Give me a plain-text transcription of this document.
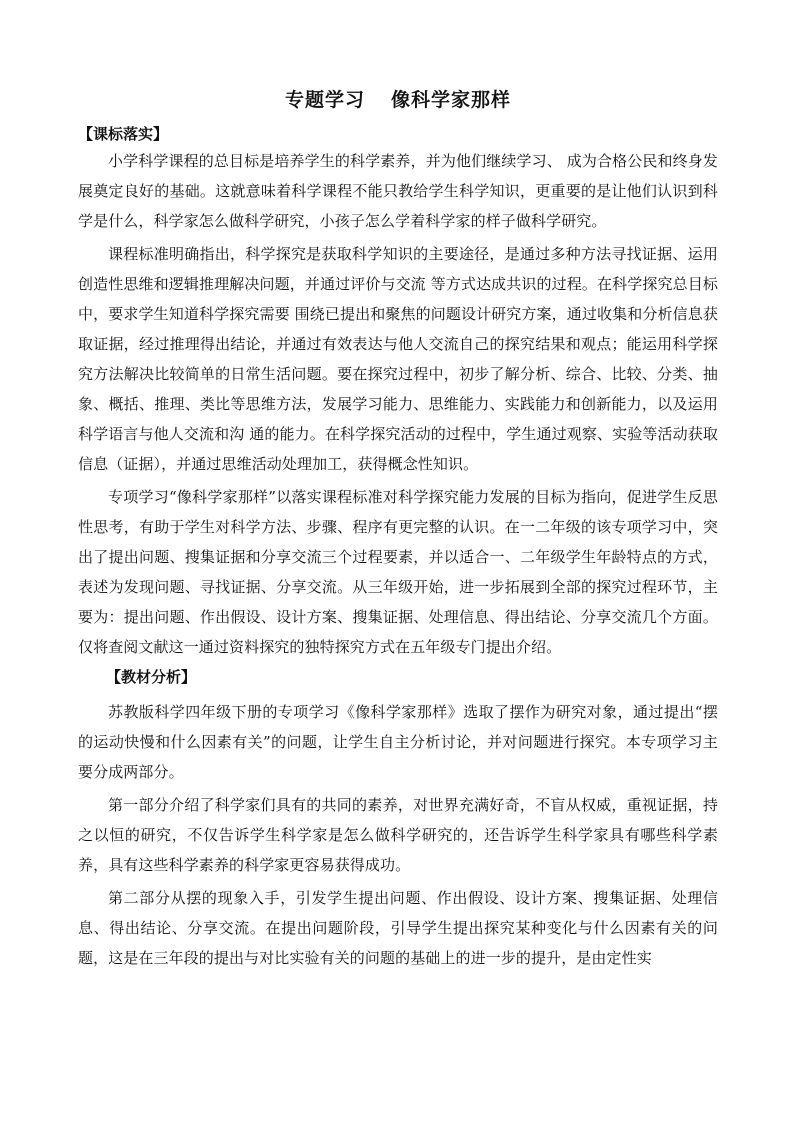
专题学习 像科学家那样
【课标落实】

小学科学课程的总目标是培养学生的科学素养，并为他们继续学习、 成为合格公民和终身发展奠定良好的基础。这就意味着科学课程不能只教给学生科学知识，更重要的是让他们认识到科学是什么，科学家怎么做科学研究，小孩子怎么学着科学家的样子做科学研究。

课程标准明确指出，科学探究是获取科学知识的主要途径，是通过多种方法寻找证据、运用创造性思维和逻辑推理解决问题，并通过评价与交流 等方式达成共识的过程。在科学探究总目标中，要求学生知道科学探究需要 围绕已提出和聚焦的问题设计研究方案，通过收集和分析信息获取证据，经过推理得出结论，并通过有效表达与他人交流自己的探究结果和观点；能运用科学探究方法解决比较简单的日常生活问题。要在探究过程中，初步了解分析、综合、比较、分类、抽象、概括、推理、类比等思维方法，发展学习能力、思维能力、实践能力和创新能力，以及运用科学语言与他人交流和沟 通的能力。在科学探究活动的过程中，学生通过观察、实验等活动获取信息（证据），并通过思维活动处理加工，获得概念性知识。

专项学习“像科学家那样”以落实课程标准对科学探究能力发展的目标为指向，促进学生反思性思考，有助于学生对科学方法、步骤、程序有更完整的认识。在一二年级的该专项学习中，突出了提出问题、搜集证据和分享交流三个过程要素，并以适合一、二年级学生年龄特点的方式，表述为发现问题、寻找证据、分享交流。从三年级开始，进一步拓展到全部的探究过程环节，主要为：提出问题、作出假设、设计方案、搜集证据、处理信息、得出结论、分享交流几个方面。仅将查阅文献这一通过资料探究的独特探究方式在五年级专门提出介绍。

【教材分析】

苏教版科学四年级下册的专项学习《像科学家那样》选取了摆作为研究对象，通过提出“摆的运动快慢和什么因素有关”的问题，让学生自主分析讨论，并对问题进行探究。本专项学习主要分成两部分。

第一部分介绍了科学家们具有的共同的素养，对世界充满好奇，不盲从权威，重视证据，持之以恒的研究，不仅告诉学生科学家是怎么做科学研究的，还告诉学生科学家具有哪些科学素养，具有这些科学素养的科学家更容易获得成功。

第二部分从摆的现象入手，引发学生提出问题、作出假设、设计方案、搜集证据、处理信息、得出结论、分享交流。在提出问题阶段，引导学生提出探究某种变化与什么因素有关的问题，这是在三年段的提出与对比实验有关的问题的基础上的进一步的提升，是由定性实
